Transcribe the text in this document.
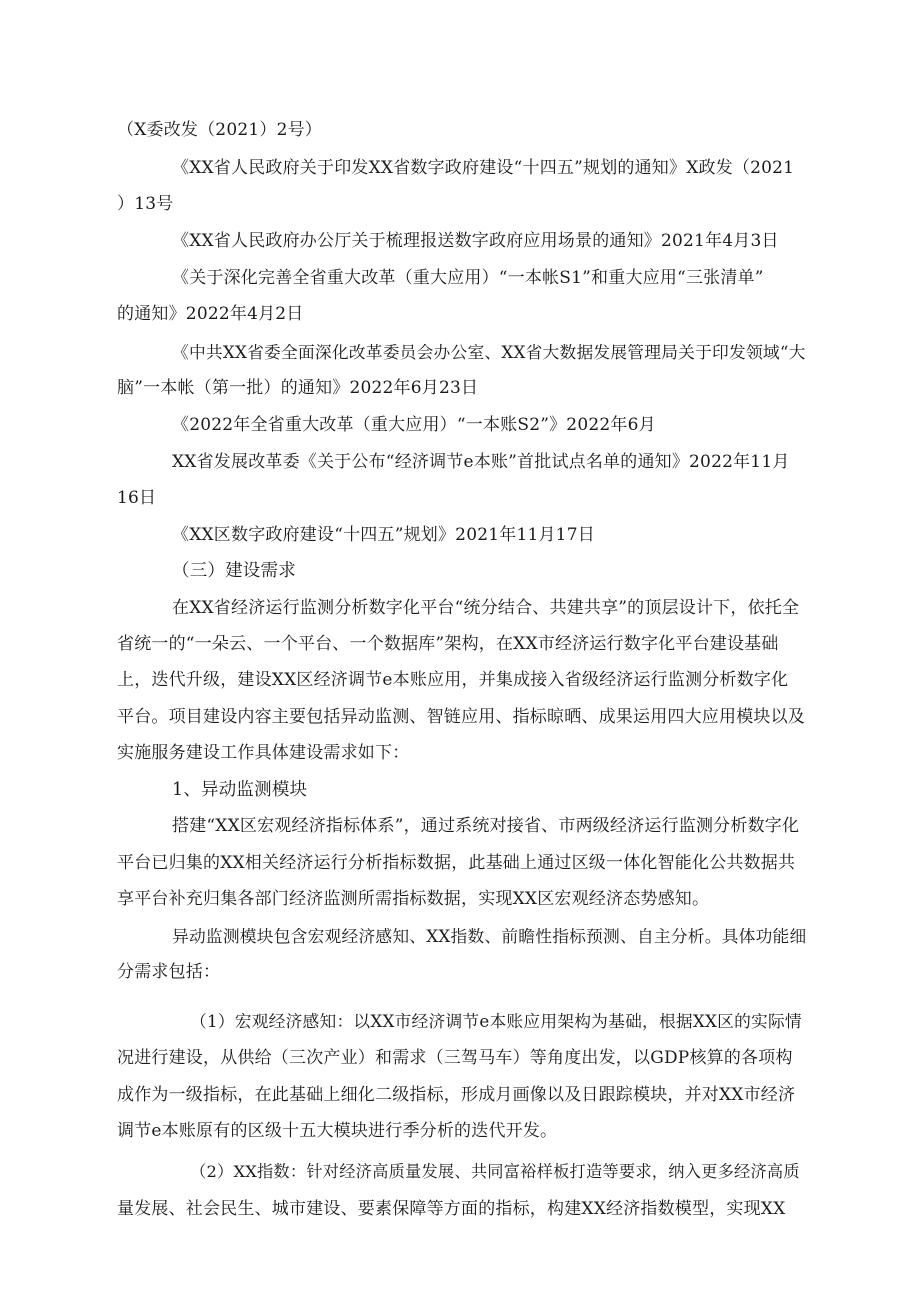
（X委改发（2021）2号）
《XX省人民政府关于印发XX省数字政府建设“十四五”规划的通知》X政发（2021
）13号
《XX省人民政府办公厅关于梳理报送数字政府应用场景的通知》2021年4月3日
《关于深化完善全省重大改革（重大应用）“一本帐S1”和重大应用“三张清单”
的通知》2022年4月2日
《中共XX省委全面深化改革委员会办公室、XX省大数据发展管理局关于印发领域“大
脑”一本帐（第一批）的通知》2022年6月23日
《2022年全省重大改革（重大应用）“一本账S2”》2022年6月
XX省发展改革委《关于公布“经济调节e本账”首批试点名单的通知》2022年11月
16日
《XX区数字政府建设“十四五”规划》2021年11月17日
（三）建设需求
在XX省经济运行监测分析数字化平台“统分结合、共建共享”的顶层设计下，依托全
省统一的“一朵云、一个平台、一个数据库”架构，在XX市经济运行数字化平台建设基础
上，迭代升级，建设XX区经济调节e本账应用，并集成接入省级经济运行监测分析数字化
平台。项目建设内容主要包括异动监测、智链应用、指标晾晒、成果运用四大应用模块以及
实施服务建设工作具体建设需求如下：
1、异动监测模块
搭建“XX区宏观经济指标体系”，通过系统对接省、市两级经济运行监测分析数字化
平台已归集的XX相关经济运行分析指标数据，此基础上通过区级一体化智能化公共数据共
享平台补充归集各部门经济监测所需指标数据，实现XX区宏观经济态势感知。
异动监测模块包含宏观经济感知、XX指数、前瞻性指标预测、自主分析。具体功能细
分需求包括：
（1）宏观经济感知：以XX市经济调节e本账应用架构为基础，根据XX区的实际情
况进行建设，从供给（三次产业）和需求（三驾马车）等角度出发，以GDP核算的各项构
成作为一级指标，在此基础上细化二级指标，形成月画像以及日跟踪模块，并对XX市经济
调节e本账原有的区级十五大模块进行季分析的迭代开发。
（2）XX指数：针对经济高质量发展、共同富裕样板打造等要求，纳入更多经济高质
量发展、社会民生、城市建设、要素保障等方面的指标，构建XX经济指数模型，实现XX
